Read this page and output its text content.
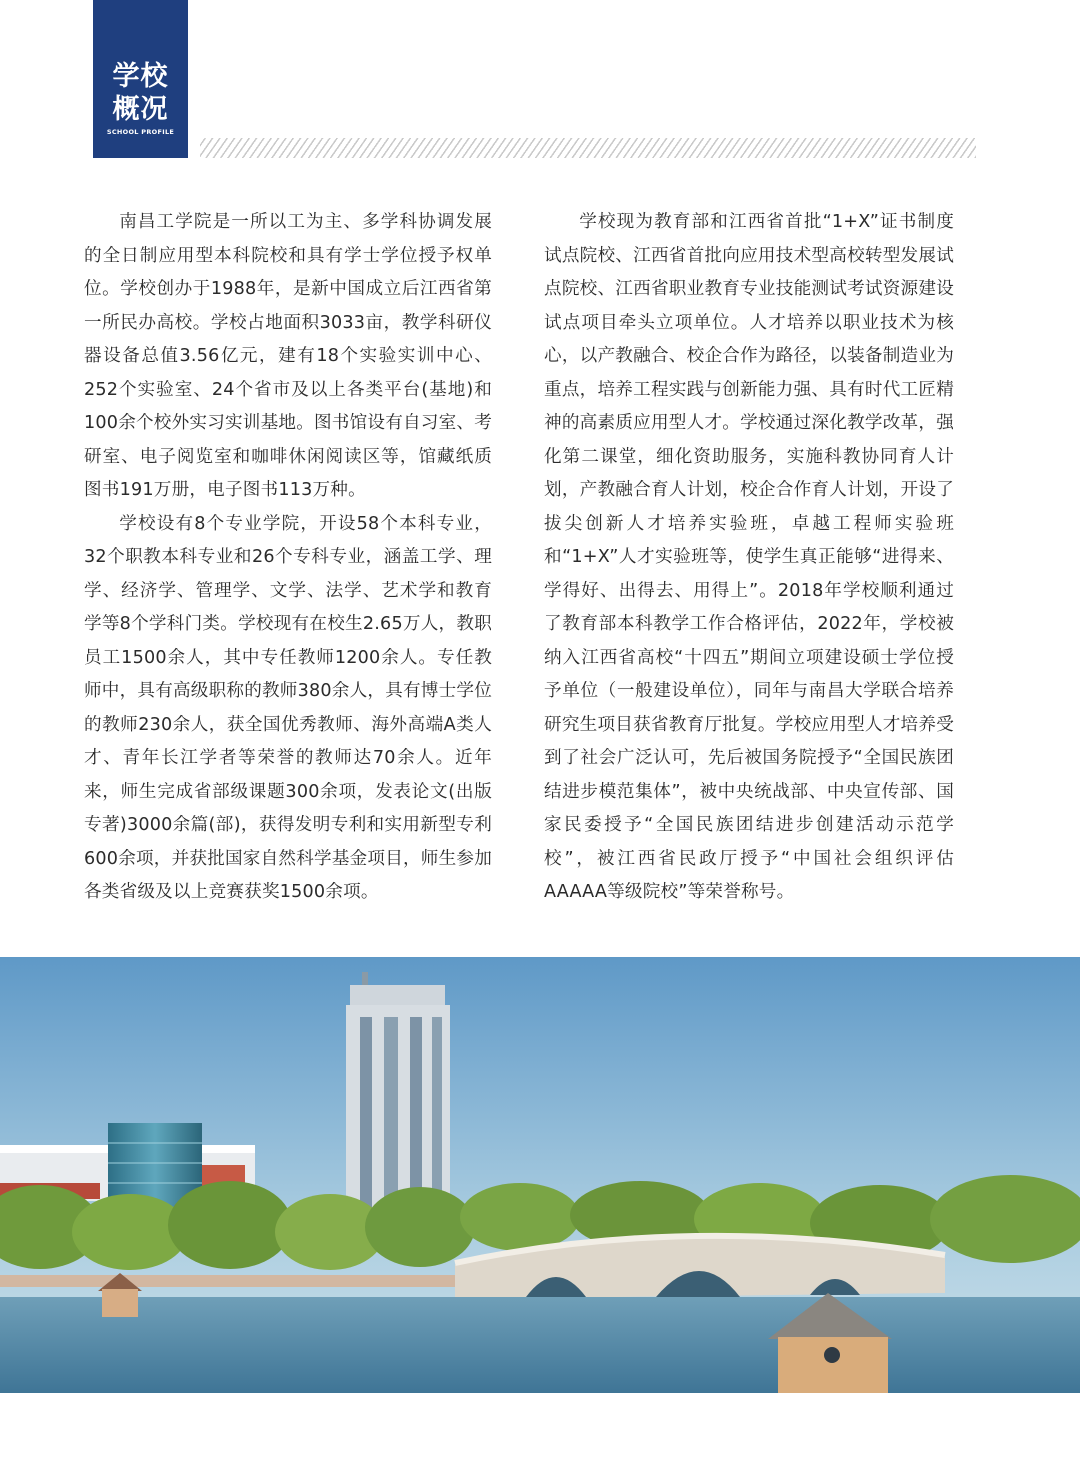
学校
概况
SCHOOL PROFILE

南昌工学院是一所以工为主、多学科协调发展的全日制应用型本科院校和具有学士学位授予权单位。学校创办于1988年，是新中国成立后江西省第一所民办高校。学校占地面积3033亩，教学科研仪器设备总值3.56亿元，建有18个实验实训中心、252个实验室、24个省市及以上各类平台(基地)和100余个校外实习实训基地。图书馆设有自习室、考研室、电子阅览室和咖啡休闲阅读区等，馆藏纸质图书191万册，电子图书113万种。

学校设有8个专业学院，开设58个本科专业，32个职教本科专业和26个专科专业，涵盖工学、理学、经济学、管理学、文学、法学、艺术学和教育学等8个学科门类。学校现有在校生2.65万人，教职员工1500余人，其中专任教师1200余人。专任教师中，具有高级职称的教师380余人，具有博士学位的教师230余人，获全国优秀教师、海外高端A类人才、青年长江学者等荣誉的教师达70余人。近年来，师生完成省部级课题300余项，发表论文(出版专著)3000余篇(部)，获得发明专利和实用新型专利600余项，并获批国家自然科学基金项目，师生参加各类省级及以上竞赛获奖1500余项。

学校现为教育部和江西省首批“1+X”证书制度试点院校、江西省首批向应用技术型高校转型发展试点院校、江西省职业教育专业技能测试考试资源建设试点项目牵头立项单位。人才培养以职业技术为核心，以产教融合、校企合作为路径，以装备制造业为重点，培养工程实践与创新能力强、具有时代工匠精神的高素质应用型人才。学校通过深化教学改革，强化第二课堂，细化资助服务，实施科教协同育人计划，产教融合育人计划，校企合作育人计划，开设了拔尖创新人才培养实验班，卓越工程师实验班和“1+X”人才实验班等，使学生真正能够“进得来、学得好、出得去、用得上”。2018年学校顺利通过了教育部本科教学工作合格评估，2022年，学校被纳入江西省高校“十四五”期间立项建设硕士学位授予单位（一般建设单位），同年与南昌大学联合培养研究生项目获省教育厅批复。学校应用型人才培养受到了社会广泛认可，先后被国务院授予“全国民族团结进步模范集体”，被中央统战部、中央宣传部、国家民委授予“全国民族团结进步创建活动示范学校”，被江西省民政厅授予“中国社会组织评估AAAAA等级院校”等荣誉称号。
